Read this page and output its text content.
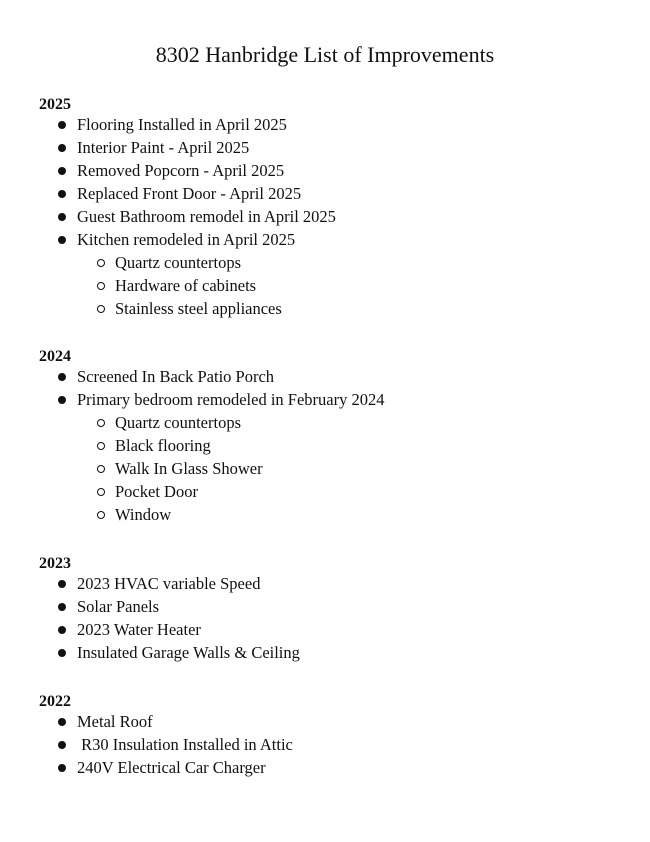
8302 Hanbridge List of Improvements
2025
Flooring Installed in April 2025
Interior Paint - April 2025
Removed Popcorn - April 2025
Replaced Front Door - April 2025
Guest Bathroom remodel in April 2025
Kitchen remodeled in April 2025
Quartz countertops
Hardware of cabinets
Stainless steel appliances
2024
Screened In Back Patio Porch
Primary bedroom remodeled in February 2024
Quartz countertops
Black flooring
Walk In Glass Shower
Pocket Door
Window
2023
2023 HVAC variable Speed
Solar Panels
2023 Water Heater
Insulated Garage Walls & Ceiling
2022
Metal Roof
R30 Insulation Installed in Attic
240V Electrical Car Charger
